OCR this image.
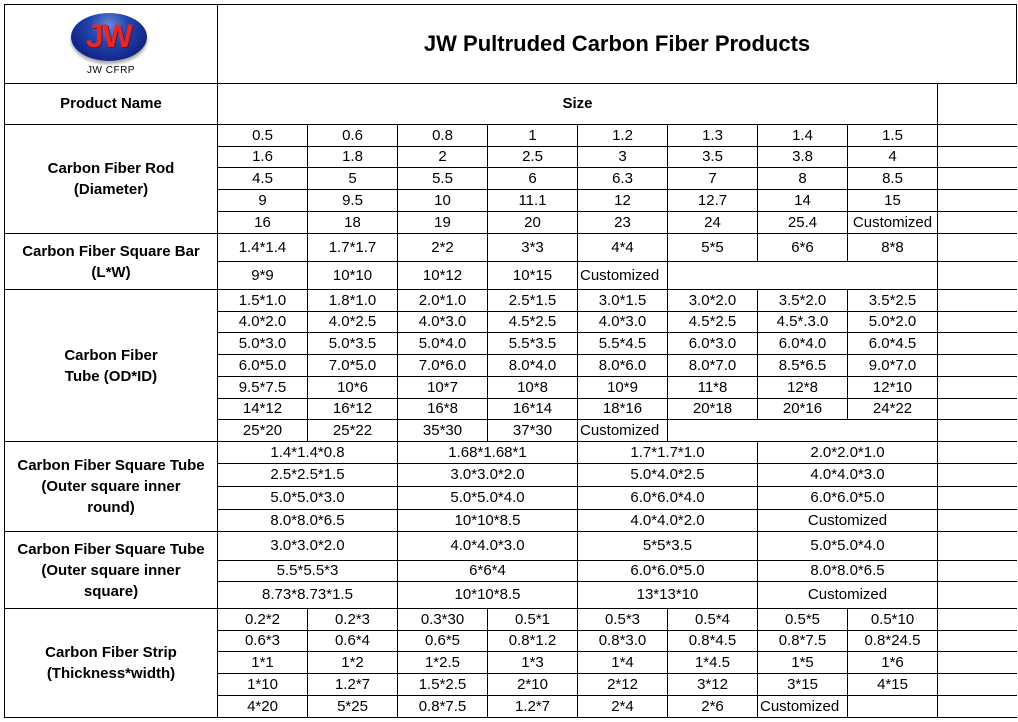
JW
JW CFRP	JW Pultruded Carbon Fiber Products								
Product Name	Size								
Carbon Fiber Rod
(Diameter)	0.5	0.6	0.8	1	1.2	1.3	1.4	1.5	
	1.6	1.8	2	2.5	3	3.5	3.8	4	
	4.5	5	5.5	6	6.3	7	8	8.5	
	9	9.5	10	11.1	12	12.7	14	15	
	16	18	19	20	23	24	25.4	Customized	
Carbon Fiber Square Bar
(L*W)	1.4*1.4	1.7*1.7	2*2	3*3	4*4	5*5	6*6	8*8	
	9*9	10*10	10*12	10*15	Customized				
Carbon Fiber
Tube (OD*ID)	1.5*1.0	1.8*1.0	2.0*1.0	2.5*1.5	3.0*1.5	3.0*2.0	3.5*2.0	3.5*2.5	
	4.0*2.0	4.0*2.5	4.0*3.0	4.5*2.5	4.0*3.0	4.5*2.5	4.5*.3.0	5.0*2.0	
	5.0*3.0	5.0*3.5	5.0*4.0	5.5*3.5	5.5*4.5	6.0*3.0	6.0*4.0	6.0*4.5	
	6.0*5.0	7.0*5.0	7.0*6.0	8.0*4.0	8.0*6.0	8.0*7.0	8.5*6.5	9.0*7.0	
	9.5*7.5	10*6	10*7	10*8	10*9	11*8	12*8	12*10	
	14*12	16*12	16*8	16*14	18*16	20*18	20*16	24*22	
	25*20	25*22	35*30	37*30	Customized				
Carbon Fiber Square Tube
(Outer square inner
round)	1.4*1.4*0.8		1.68*1.68*1		1.7*1.7*1.0		2.0*2.0*1.0		
	2.5*2.5*1.5		3.0*3.0*2.0		5.0*4.0*2.5		4.0*4.0*3.0		
	5.0*5.0*3.0		5.0*5.0*4.0		6.0*6.0*4.0		6.0*6.0*5.0		
	8.0*8.0*6.5		10*10*8.5		4.0*4.0*2.0		Customized		
Carbon Fiber Square Tube
(Outer square inner
square)	3.0*3.0*2.0		4.0*4.0*3.0		5*5*3.5		5.0*5.0*4.0		
	5.5*5.5*3		6*6*4		6.0*6.0*5.0		8.0*8.0*6.5		
	8.73*8.73*1.5		10*10*8.5		13*13*10		Customized		
Carbon Fiber Strip
(Thickness*width)	0.2*2	0.2*3	0.3*30	0.5*1	0.5*3	0.5*4	0.5*5	0.5*10	
	0.6*3	0.6*4	0.6*5	0.8*1.2	0.8*3.0	0.8*4.5	0.8*7.5	0.8*24.5	
	1*1	1*2	1*2.5	1*3	1*4	1*4.5	1*5	1*6	
	1*10	1.2*7	1.5*2.5	2*10	2*12	3*12	3*15	4*15	
	4*20	5*25	0.8*7.5	1.2*7	2*4	2*6	Customized		
